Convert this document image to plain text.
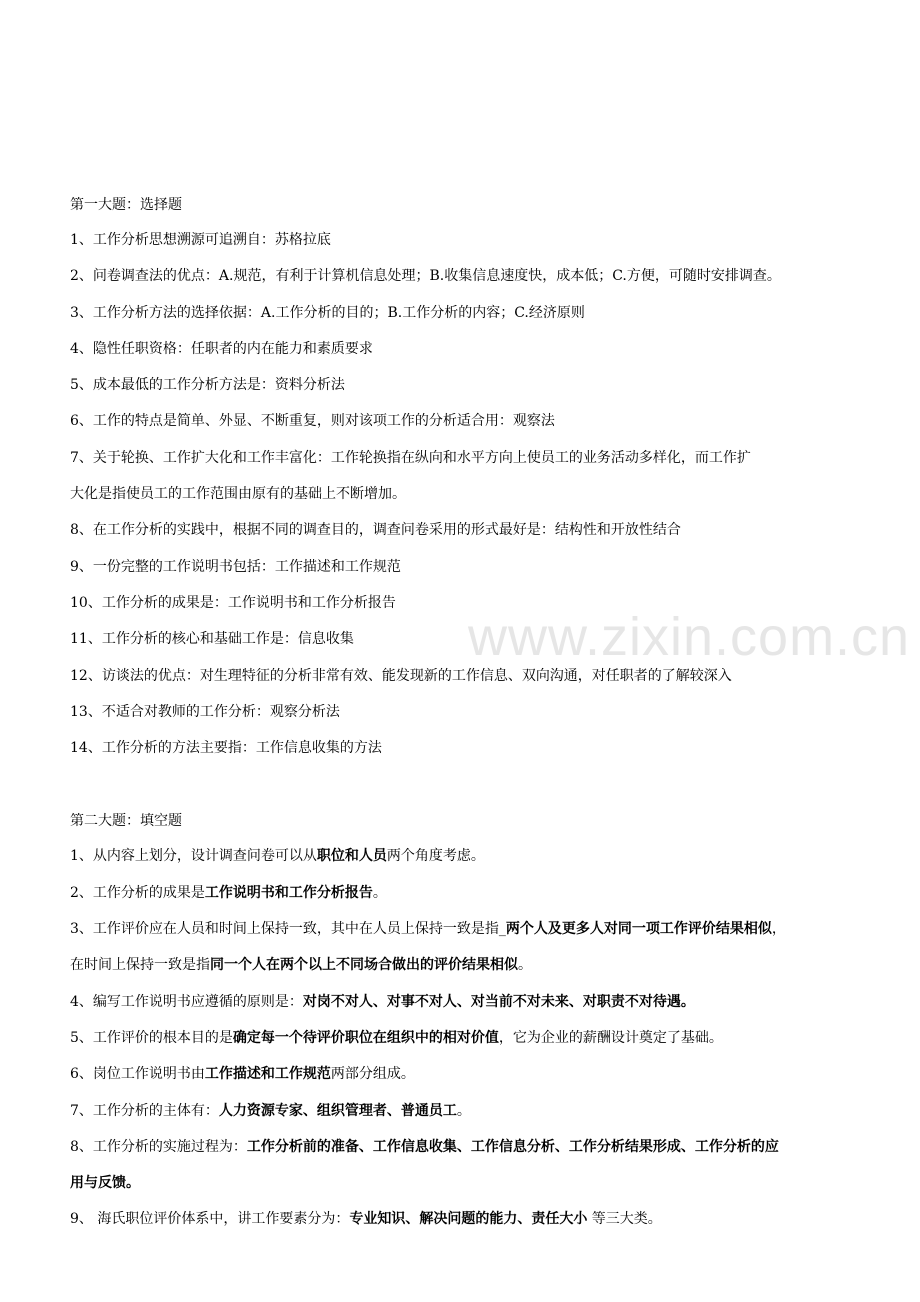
www.zixin.com.cn
第一大题：选择题
1、工作分析思想溯源可追溯自：苏格拉底
2、问卷调查法的优点：A.规范，有利于计算机信息处理；B.收集信息速度快，成本低；C.方便，可随时安排调查。
3、工作分析方法的选择依据：A.工作分析的目的；B.工作分析的内容；C.经济原则
4、隐性任职资格：任职者的内在能力和素质要求
5、成本最低的工作分析方法是：资料分析法
6、工作的特点是简单、外显、不断重复，则对该项工作的分析适合用：观察法
7、关于轮换、工作扩大化和工作丰富化：工作轮换指在纵向和水平方向上使员工的业务活动多样化，而工作扩
大化是指使员工的工作范围由原有的基础上不断增加。
8、在工作分析的实践中，根据不同的调查目的，调查问卷采用的形式最好是：结构性和开放性结合
9、一份完整的工作说明书包括：工作描述和工作规范
10、工作分析的成果是：工作说明书和工作分析报告
11、工作分析的核心和基础工作是：信息收集
12、访谈法的优点：对生理特征的分析非常有效、能发现新的工作信息、双向沟通，对任职者的了解较深入
13、不适合对教师的工作分析：观察分析法
14、工作分析的方法主要指：工作信息收集的方法
第二大题：填空题
1、从内容上划分，设计调查问卷可以从职位和人员两个角度考虑。
2、工作分析的成果是工作说明书和工作分析报告。
3、工作评价应在人员和时间上保持一致，其中在人员上保持一致是指_两个人及更多人对同一项工作评价结果相似，
在时间上保持一致是指同一个人在两个以上不同场合做出的评价结果相似。
4、编写工作说明书应遵循的原则是：对岗不对人、对事不对人、对当前不对未来、对职责不对待遇。
5、工作评价的根本目的是确定每一个待评价职位在组织中的相对价值，它为企业的薪酬设计奠定了基础。
6、岗位工作说明书由工作描述和工作规范两部分组成。
7、工作分析的主体有：人力资源专家、组织管理者、普通员工。
8、工作分析的实施过程为：工作分析前的准备、工作信息收集、工作信息分析、工作分析结果形成、工作分析的应
用与反馈。
9、 海氏职位评价体系中，讲工作要素分为：专业知识、解决问题的能力、责任大小 等三大类。
